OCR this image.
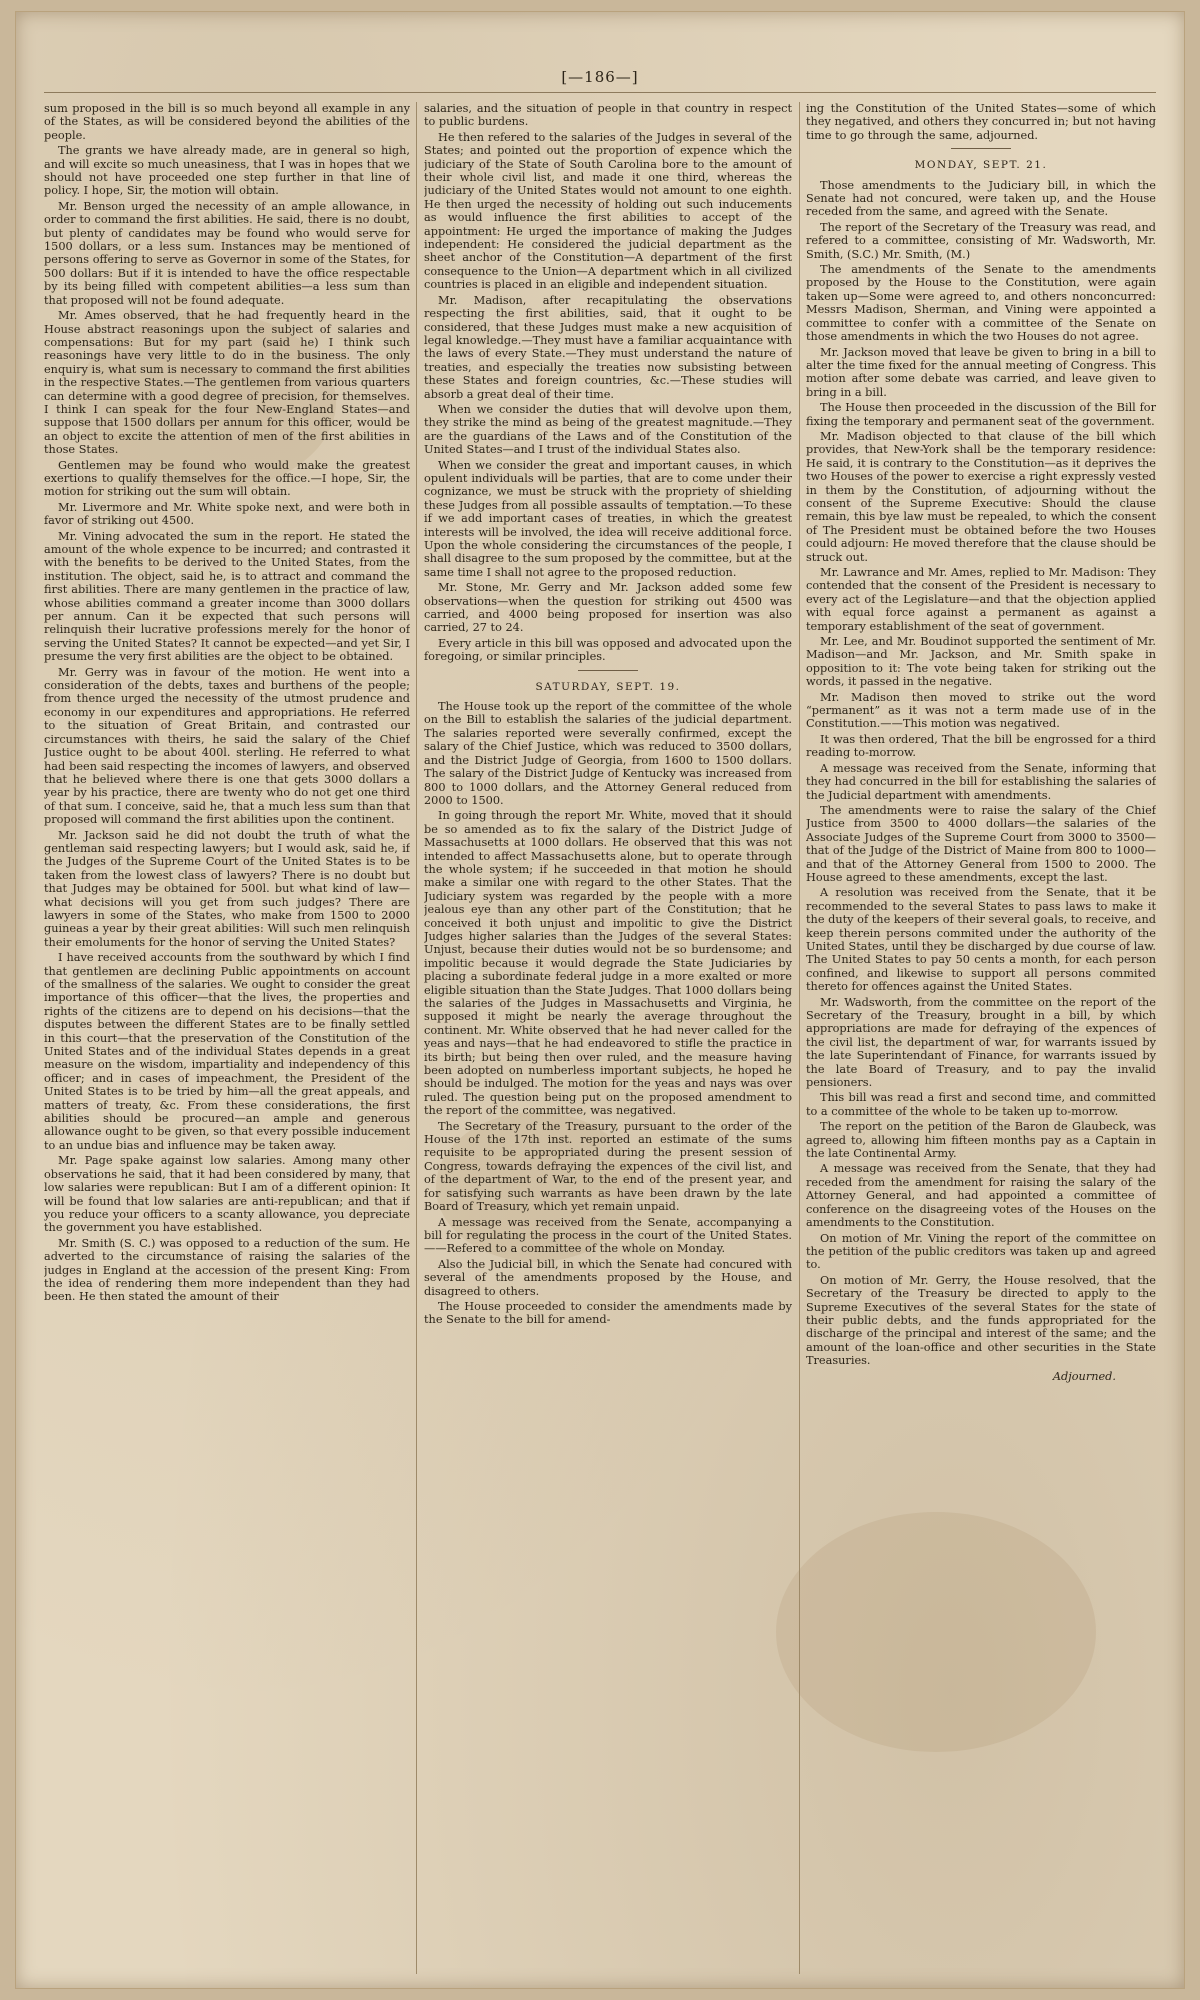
[—186—]

sum proposed in the bill is so much beyond all example in any of the States, as will be considered beyond the abilities of the people.

The grants we have already made, are in general so high, and will excite so much uneasiness, that I was in hopes that we should not have proceeded one step further in that line of policy. I hope, Sir, the motion will obtain.

Mr. Benson urged the necessity of an ample allowance, in order to command the first abilities. He said, there is no doubt, but plenty of candidates may be found who would serve for 1500 dollars, or a less sum. Instances may be mentioned of persons offering to serve as Governor in some of the States, for 500 dollars: But if it is intended to have the office respectable by its being filled with competent abilities—a less sum than that proposed will not be found adequate.

Mr. Ames observed, that he had frequently heard in the House abstract reasonings upon the subject of salaries and compensations: But for my part (said he) I think such reasonings have very little to do in the business. The only enquiry is, what sum is necessary to command the first abilities in the respective States.—The gentlemen from various quarters can determine with a good degree of precision, for themselves. I think I can speak for the four New-England States—and suppose that 1500 dollars per annum for this officer, would be an object to excite the attention of men of the first abilities in those States.

Gentlemen may be found who would make the greatest exertions to qualify themselves for the office.—I hope, Sir, the motion for striking out the sum will obtain.

Mr. Livermore and Mr. White spoke next, and were both in favor of striking out 4500.

Mr. Vining advocated the sum in the report. He stated the amount of the whole expence to be incurred; and contrasted it with the benefits to be derived to the United States, from the institution. The object, said he, is to attract and command the first abilities. There are many gentlemen in the practice of law, whose abilities command a greater income than 3000 dollars per annum. Can it be expected that such persons will relinquish their lucrative professions merely for the honor of serving the United States? It cannot be expected—and yet Sir, I presume the very first abilities are the object to be obtained.

Mr. Gerry was in favour of the motion. He went into a consideration of the debts, taxes and burthens of the people; from thence urged the necessity of the utmost prudence and economy in our expenditures and appropriations. He referred to the situation of Great Britain, and contrasted our circumstances with theirs, he said the salary of the Chief Justice ought to be about 400l. sterling. He referred to what had been said respecting the incomes of lawyers, and observed that he believed where there is one that gets 3000 dollars a year by his practice, there are twenty who do not get one third of that sum. I conceive, said he, that a much less sum than that proposed will command the first abilities upon the continent.

Mr. Jackson said he did not doubt the truth of what the gentleman said respecting lawyers; but I would ask, said he, if the Judges of the Supreme Court of the United States is to be taken from the lowest class of lawyers? There is no doubt but that Judges may be obtained for 500l. but what kind of law—what decisions will you get from such judges? There are lawyers in some of the States, who make from 1500 to 2000 guineas a year by their great abilities: Will such men relinquish their emoluments for the honor of serving the United States?

I have received accounts from the southward by which I find that gentlemen are declining Public appointments on account of the smallness of the salaries. We ought to consider the great importance of this officer—that the lives, the properties and rights of the citizens are to depend on his decisions—that the disputes between the different States are to be finally settled in this court—that the preservation of the Constitution of the United States and of the individual States depends in a great measure on the wisdom, impartiality and independency of this officer; and in cases of impeachment, the President of the United States is to be tried by him—all the great appeals, and matters of treaty, &c. From these considerations, the first abilities should be procured—an ample and generous allowance ought to be given, so that every possible inducement to an undue bias and influence may be taken away.

Mr. Page spake against low salaries. Among many other observations he said, that it had been considered by many, that low salaries were republican: But I am of a different opinion: It will be found that low salaries are anti-republican; and that if you reduce your officers to a scanty allowance, you depreciate the government you have established.

Mr. Smith (S. C.) was opposed to a reduction of the sum. He adverted to the circumstance of raising the salaries of the judges in England at the accession of the present King: From the idea of rendering them more independent than they had been. He then stated the amount of their

salaries, and the situation of people in that country in respect to public burdens.

He then refered to the salaries of the Judges in several of the States; and pointed out the proportion of expence which the judiciary of the State of South Carolina bore to the amount of their whole civil list, and made it one third, whereas the judiciary of the United States would not amount to one eighth. He then urged the necessity of holding out such inducements as would influence the first abilities to accept of the appointment: He urged the importance of making the Judges independent: He considered the judicial department as the sheet anchor of the Constitution—A department of the first consequence to the Union—A department which in all civilized countries is placed in an eligible and independent situation.

Mr. Madison, after recapitulating the observations respecting the first abilities, said, that it ought to be considered, that these Judges must make a new acquisition of legal knowledge.—They must have a familiar acquaintance with the laws of every State.—They must understand the nature of treaties, and especially the treaties now subsisting between these States and foreign countries, &c.—These studies will absorb a great deal of their time.

When we consider the duties that will devolve upon them, they strike the mind as being of the greatest magnitude.—They are the guardians of the Laws and of the Constitution of the United States—and I trust of the individual States also.

When we consider the great and important causes, in which opulent individuals will be parties, that are to come under their cognizance, we must be struck with the propriety of shielding these Judges from all possible assaults of temptation.—To these if we add important cases of treaties, in which the greatest interests will be involved, the idea will receive additional force. Upon the whole considering the circumstances of the people, I shall disagree to the sum proposed by the committee, but at the same time I shall not agree to the proposed reduction.

Mr. Stone, Mr. Gerry and Mr. Jackson added some few observations—when the question for striking out 4500 was carried, and 4000 being proposed for insertion was also carried, 27 to 24.

Every article in this bill was opposed and advocated upon the foregoing, or similar principles.

SATURDAY, SEPT. 19.

The House took up the report of the committee of the whole on the Bill to establish the salaries of the judicial department. The salaries reported were severally confirmed, except the salary of the Chief Justice, which was reduced to 3500 dollars, and the District Judge of Georgia, from 1600 to 1500 dollars. The salary of the District Judge of Kentucky was increased from 800 to 1000 dollars, and the Attorney General reduced from 2000 to 1500.

In going through the report Mr. White, moved that it should be so amended as to fix the salary of the District Judge of Massachusetts at 1000 dollars. He observed that this was not intended to affect Massachusetts alone, but to operate through the whole system; if he succeeded in that motion he should make a similar one with regard to the other States. That the Judiciary system was regarded by the people with a more jealous eye than any other part of the Constitution; that he conceived it both unjust and impolitic to give the District Judges higher salaries than the Judges of the several States: Unjust, because their duties would not be so burdensome; and impolitic because it would degrade the State Judiciaries by placing a subordinate federal judge in a more exalted or more eligible situation than the State Judges. That 1000 dollars being the salaries of the Judges in Massachusetts and Virginia, he supposed it might be nearly the average throughout the continent. Mr. White observed that he had never called for the yeas and nays—that he had endeavored to stifle the practice in its birth; but being then over ruled, and the measure having been adopted on numberless important subjects, he hoped he should be indulged. The motion for the yeas and nays was over ruled. The question being put on the proposed amendment to the report of the committee, was negatived.

The Secretary of the Treasury, pursuant to the order of the House of the 17th inst. reported an estimate of the sums requisite to be appropriated during the present session of Congress, towards defraying the expences of the civil list, and of the department of War, to the end of the present year, and for satisfying such warrants as have been drawn by the late Board of Treasury, which yet remain unpaid.

A message was received from the Senate, accompanying a bill for regulating the process in the court of the United States.——Refered to a committee of the whole on Monday.

Also the Judicial bill, in which the Senate had concured with several of the amendments proposed by the House, and disagreed to others.

The House proceeded to consider the amendments made by the Senate to the bill for amend-

ing the Constitution of the United States—some of which they negatived, and others they concurred in; but not having time to go through the same, adjourned.

MONDAY, SEPT. 21.

Those amendments to the Judiciary bill, in which the Senate had not concured, were taken up, and the House receded from the same, and agreed with the Senate.

The report of the Secretary of the Treasury was read, and refered to a committee, consisting of Mr. Wadsworth, Mr. Smith, (S.C.) Mr. Smith, (M.)

The amendments of the Senate to the amendments proposed by the House to the Constitution, were again taken up—Some were agreed to, and others nonconcurred: Messrs Madison, Sherman, and Vining were appointed a committee to confer with a committee of the Senate on those amendments in which the two Houses do not agree.

Mr. Jackson moved that leave be given to bring in a bill to alter the time fixed for the annual meeting of Congress. This motion after some debate was carried, and leave given to bring in a bill.

The House then proceeded in the discussion of the Bill for fixing the temporary and permanent seat of the government.

Mr. Madison objected to that clause of the bill which provides, that New-York shall be the temporary residence: He said, it is contrary to the Constitution—as it deprives the two Houses of the power to exercise a right expressly vested in them by the Constitution, of adjourning without the consent of the Supreme Executive: Should the clause remain, this bye law must be repealed, to which the consent of The President must be obtained before the two Houses could adjourn: He moved therefore that the clause should be struck out.

Mr. Lawrance and Mr. Ames, replied to Mr. Madison: They contended that the consent of the President is necessary to every act of the Legislature—and that the objection applied with equal force against a permanent as against a temporary establishment of the seat of government.

Mr. Lee, and Mr. Boudinot supported the sentiment of Mr. Madison—and Mr. Jackson, and Mr. Smith spake in opposition to it: The vote being taken for striking out the words, it passed in the negative.

Mr. Madison then moved to strike out the word “permanent” as it was not a term made use of in the Constitution.——This motion was negatived.

It was then ordered, That the bill be engrossed for a third reading to-morrow.

A message was received from the Senate, informing that they had concurred in the bill for establishing the salaries of the Judicial department with amendments.

The amendments were to raise the salary of the Chief Justice from 3500 to 4000 dollars—the salaries of the Associate Judges of the Supreme Court from 3000 to 3500—that of the Judge of the District of Maine from 800 to 1000—and that of the Attorney General from 1500 to 2000. The House agreed to these amendments, except the last.

A resolution was received from the Senate, that it be recommended to the several States to pass laws to make it the duty of the keepers of their several goals, to receive, and keep therein persons commited under the authority of the United States, until they be discharged by due course of law. The United States to pay 50 cents a month, for each person confined, and likewise to support all persons commited thereto for offences against the United States.

Mr. Wadsworth, from the committee on the report of the Secretary of the Treasury, brought in a bill, by which appropriations are made for defraying of the expences of the civil list, the department of war, for warrants issued by the late Superintendant of Finance, for warrants issued by the late Board of Treasury, and to pay the invalid pensioners.

This bill was read a first and second time, and committed to a committee of the whole to be taken up to-morrow.

The report on the petition of the Baron de Glaubeck, was agreed to, allowing him fifteen months pay as a Captain in the late Continental Army.

A message was received from the Senate, that they had receded from the amendment for raising the salary of the Attorney General, and had appointed a committee of conference on the disagreeing votes of the Houses on the amendments to the Constitution.

On motion of Mr. Vining the report of the committee on the petition of the public creditors was taken up and agreed to.

On motion of Mr. Gerry, the House resolved, that the Secretary of the Treasury be directed to apply to the Supreme Executives of the several States for the state of their public debts, and the funds appropriated for the discharge of the principal and interest of the same; and the amount of the loan-office and other securities in the State Treasuries.

Adjourned.
